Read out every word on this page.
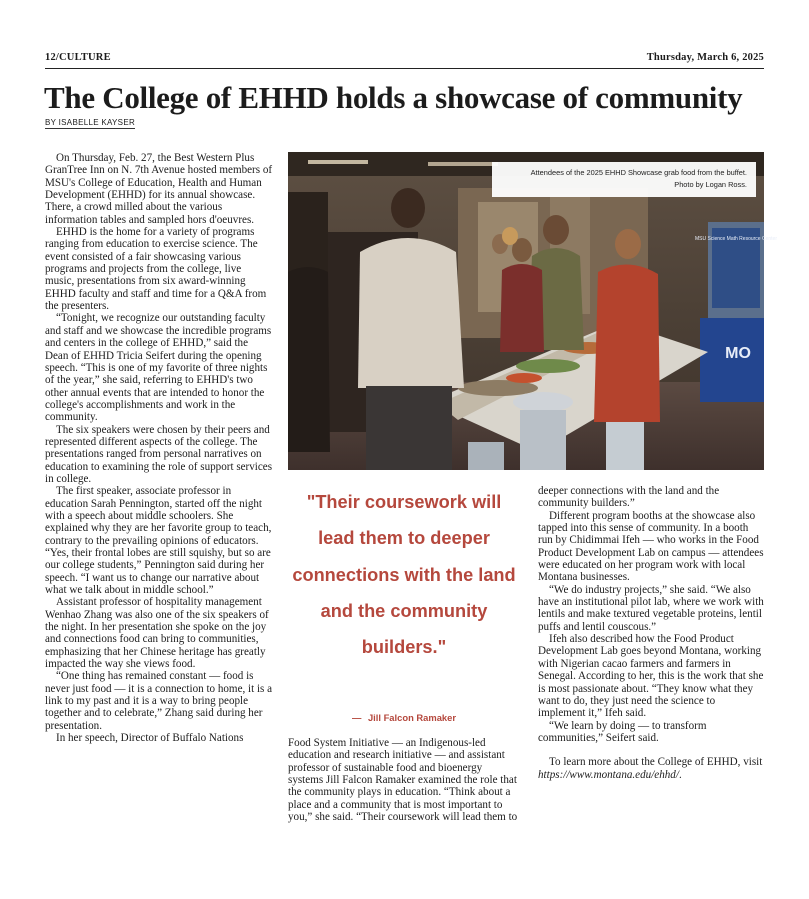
12/CULTURE	Thursday, March 6, 2025
The College of EHHD holds a showcase of community
BY ISABELLE KAYSER

On Thursday, Feb. 27, the Best Western Plus GranTree Inn on N. 7th Avenue hosted members of MSU's College of Education, Health and Human Development (EHHD) for its annual showcase. There, a crowd milled about the various information tables and sampled hors d'oeuvres.

EHHD is the home for a variety of programs ranging from education to exercise science. The event consisted of a fair showcasing various programs and projects from the college, live music, presentations from six award-winning EHHD faculty and staff and time for a Q&A from the presenters.

“Tonight, we recognize our outstanding faculty and staff and we showcase the incredible programs and centers in the college of EHHD,” said the Dean of EHHD Tricia Seifert during the opening speech. “This is one of my favorite of three nights of the year,” she said, referring to EHHD's two other annual events that are intended to honor the college's accomplishments and work in the community.

The six speakers were chosen by their peers and represented different aspects of the college. The presentations ranged from personal narratives on education to examining the role of support services in college.

The first speaker, associate professor in education Sarah Pennington, started off the night with a speech about middle schoolers. She explained why they are her favorite group to teach, contrary to the prevailing opinions of educators. “Yes, their frontal lobes are still squishy, but so are our college students,” Pennington said during her speech. “I want us to change our narrative about what we talk about in middle school.”

Assistant professor of hospitality management Wenhao Zhang was also one of the six speakers of the night. In her presentation she spoke on the joy and connections food can bring to communities, emphasizing that her Chinese heritage has greatly impacted the way she views food.

“One thing has remained constant — food is never just food — it is a connection to home, it is a link to my past and it is a way to bring people together and to celebrate,” Zhang said during her presentation.

In her speech, Director of Buffalo Nations

MSU Science Math Resource Center
MO
Attendees of the 2025 EHHD Showcase grab food from the buffet.
Photo by Logan Ross.
"Their coursework will lead them to deeper connections with the land and the community builders."
— Jill Falcon Ramaker

Food System Initiative — an Indigenous-led education and research initiative — and assistant professor of sustainable food and bioenergy systems Jill Falcon Ramaker examined the role that the community plays in education. “Think about a place and a community that is most important to you,” she said. “Their coursework will lead them to

deeper connections with the land and the community builders.”

Different program booths at the showcase also tapped into this sense of community. In a booth run by Chidimmai Ifeh — who works in the Food Product Development Lab on campus — attendees were educated on her program work with local Montana businesses.

“We do industry projects,” she said. “We also have an institutional pilot lab, where we work with lentils and make textured vegetable proteins, lentil puffs and lentil couscous.”

Ifeh also described how the Food Product Development Lab goes beyond Montana, working with Nigerian cacao farmers and farmers in Senegal. According to her, this is the work that she is most passionate about. “They know what they want to do, they just need the science to implement it,” Ifeh said.

“We learn by doing — to transform communities,” Seifert said.

To learn more about the College of EHHD, visit https://www.montana.edu/ehhd/.
